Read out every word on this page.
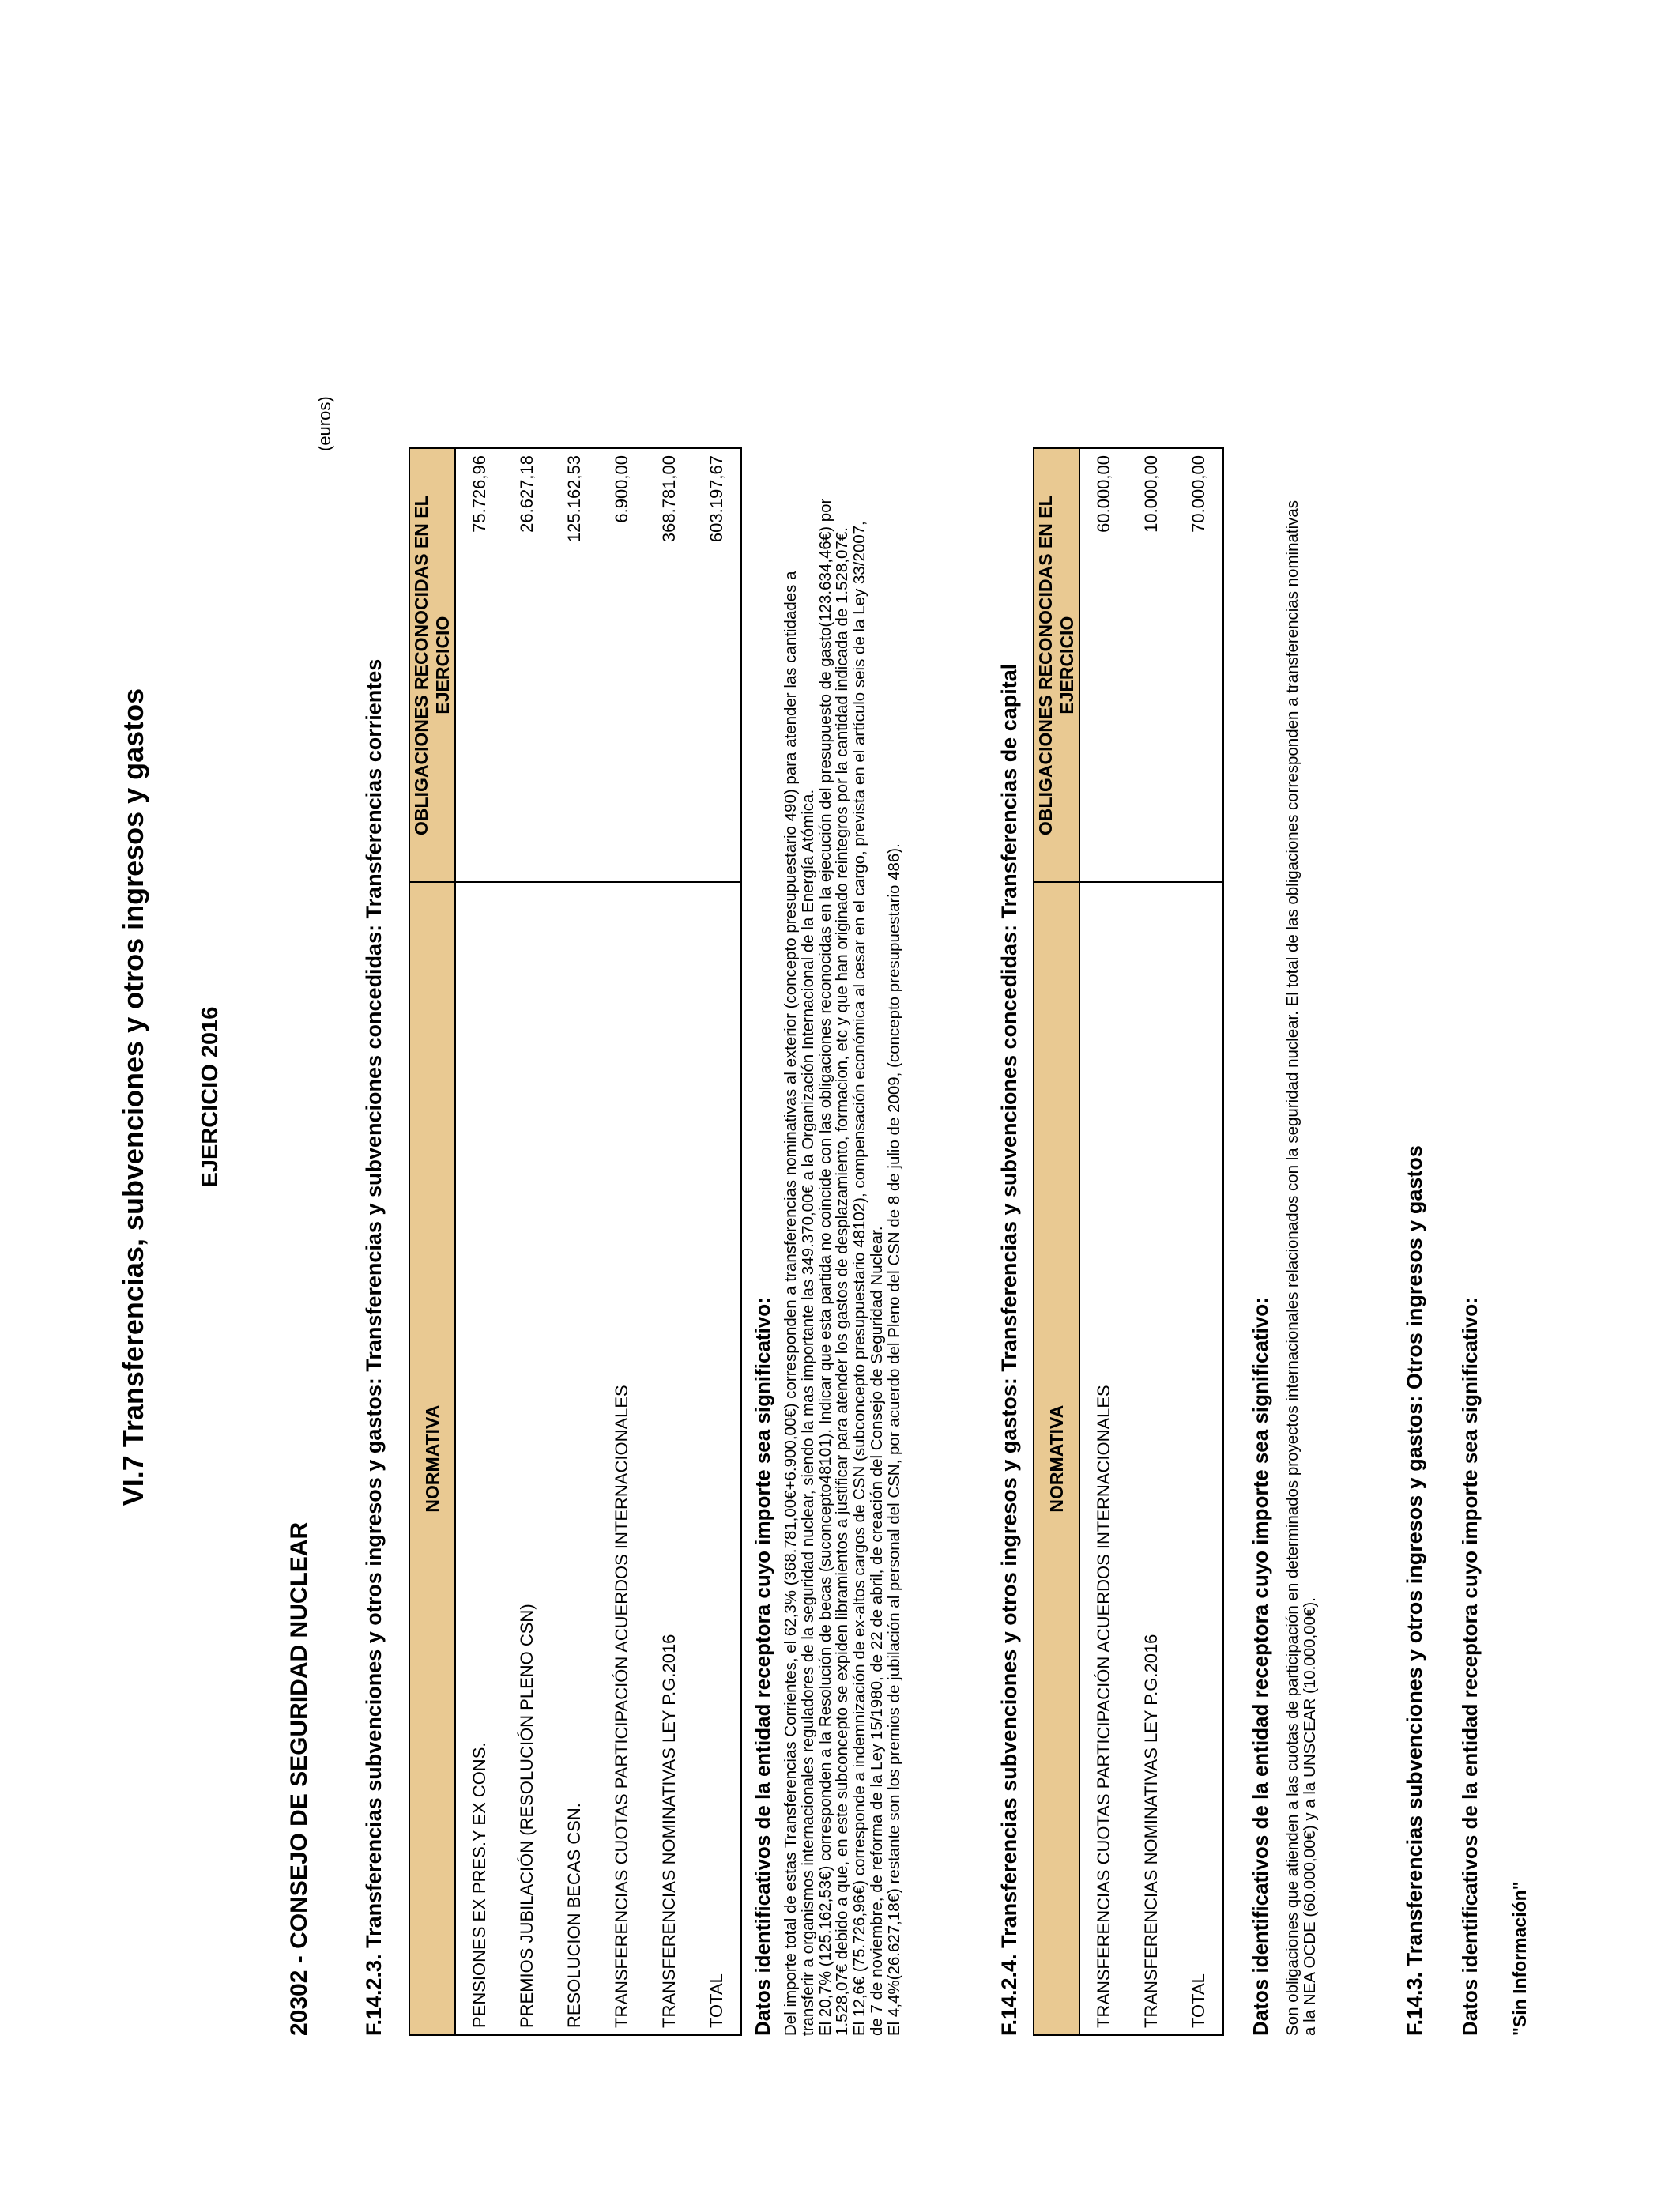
VI.7 Transferencias, subvenciones y otros ingresos y gastos EJERCICIO 2016
20302 - CONSEJO DE SEGURIDAD NUCLEAR
(euros)
F.14.2.3. Transferencias subvenciones y otros ingresos y gastos: Transferencias y subvenciones concedidas: Transferencias corrientes NORMATIVA	OBLIGACIONES RECONOCIDAS EN EL EJERCICIO
PENSIONES EX PRES.Y EX CONS.	75.726,96
PREMIOS JUBILACIÓN (RESOLUCIÓN PLENO CSN)	26.627,18
RESOLUCION BECAS CSN.	125.162,53
TRANSFERENCIAS CUOTAS PARTICIPACIÓN ACUERDOS INTERNACIONALES	6.900,00
TRANSFERENCIAS NOMINATIVAS LEY P.G.2016	368.781,00
TOTAL	603.197,67
Datos identificativos de la entidad receptora cuyo importe sea significativo: Del importe total de estas Transferencias Corrientes, el 62,3% (368.781,00€+6.900,00€) corresponden a transferencias nominativas al exterior (concepto presupuestario 490) para atender las cantidades a
transferir a organismos internacionales reguladores de la seguridad nuclear, siendo la mas importante las 349.370,00€ a la Organización Internacional de la Energía Atómica.
El 20,7% (125.162,53€) corresponden a la Resolución de becas (suconcepto48101). Indicar que esta partida no coincide con las obligaciones reconocidas en la ejecución del presupuesto de gasto(123.634,46€) por
1.528,07€ debido a que, en este subconcepto se expiden libramientos a justificar para atender los gastos de desplazamiento, formacion, etc y que han originado reintegros por la cantidad indicada de 1.528,07€.
El 12,6€ (75.726,96€) corresponde a indemnización de ex-altos cargos de CSN (subconcepto presupuestario 48102), compensación económica al cesar en el cargo, prevista en el artículo seis de la Ley 33/2007,
de 7 de noviembre, de reforma de la Ley 15/1980, de 22 de abril, de creación del Consejo de Seguridad Nuclear.
El 4,4%(26.627,18€) restante son los premios de jubilación al personal del CSN, por acuerdo del Pleno del CSN de 8 de julio de 2009, (concepto presupuestario 486).	F.14.2.4. Transferencias subvenciones y otros ingresos y gastos: Transferencias y subvenciones concedidas: Transferencias de capital NORMATIVA	OBLIGACIONES RECONOCIDAS EN EL EJERCICIO
TRANSFERENCIAS CUOTAS PARTICIPACIÓN ACUERDOS INTERNACIONALES	60.000,00
TRANSFERENCIAS NOMINATIVAS LEY P.G.2016	10.000,00
TOTAL	70.000,00
Datos identificativos de la entidad receptora cuyo importe sea significativo: Son obligaciones que atienden a las cuotas de participación en determinados proyectos internacionales relacionados con la seguridad nuclear. El total de las obligaciones corresponden a transferencias nominativas
a la NEA OCDE (60.000,00€) y a la UNSCEAR (10.000,00€).	F.14.3. Transferencias subvenciones y otros ingresos y gastos: Otros ingresos y gastos Datos identificativos de la entidad receptora cuyo importe sea significativo: "Sin Información"
